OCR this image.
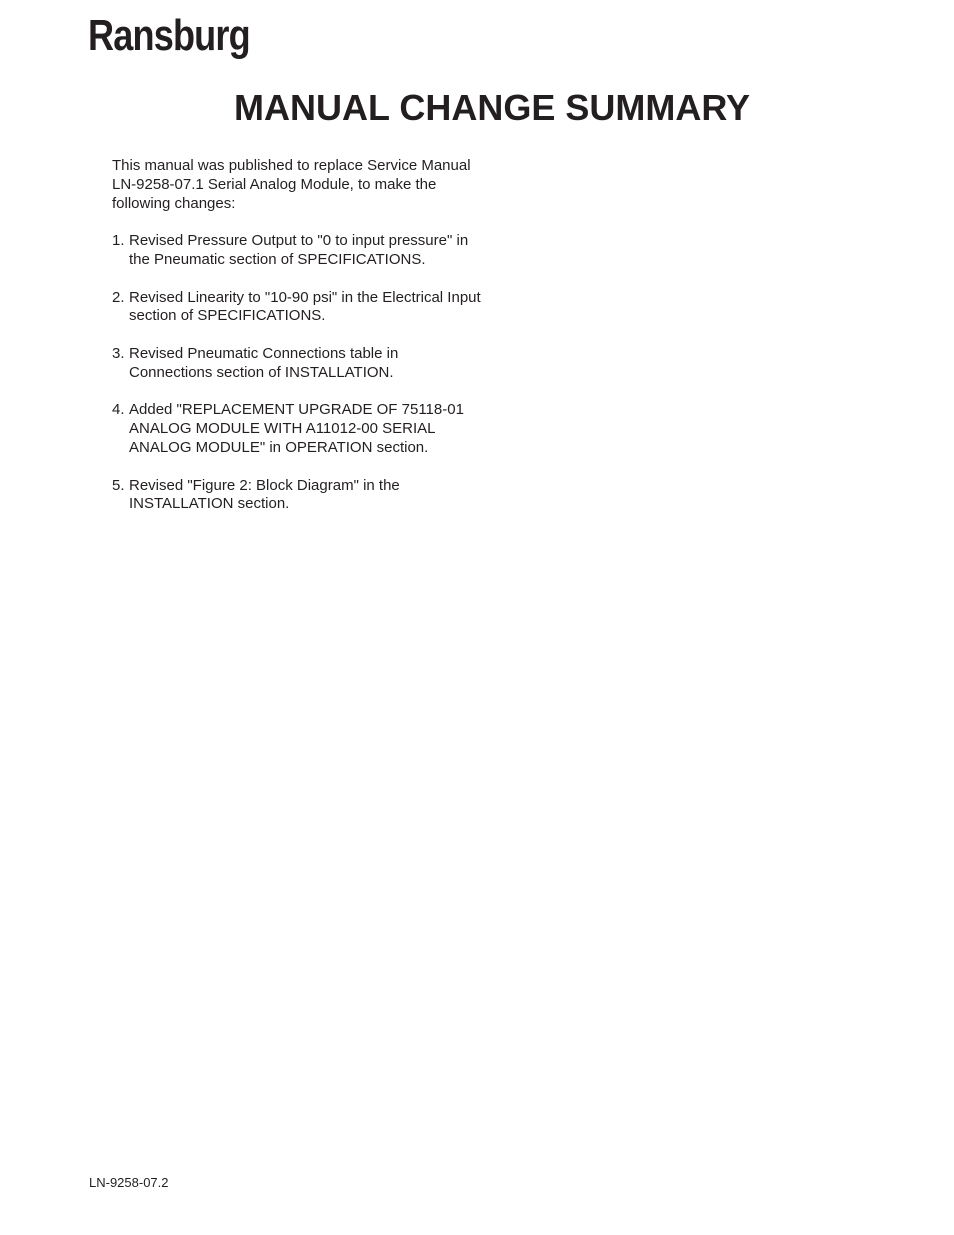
Ransburg
MANUAL CHANGE SUMMARY

This manual was published to replace Service Manual LN-9258-07.1 Serial Analog Module, to make the following changes:

1. Revised Pressure Output to "0 to input pressure" in the Pneumatic section of SPECIFICATIONS.
2. Revised Linearity to "10-90 psi" in the Electrical Input section of SPECIFICATIONS.
3. Revised Pneumatic Connections table in Connections section of INSTALLATION.
4. Added "REPLACEMENT UPGRADE OF 75118-01 ANALOG MODULE WITH A11012-00 SERIAL ANALOG MODULE" in OPERATION section.
5. Revised "Figure 2: Block Diagram" in the INSTALLATION section.
LN-9258-07.2
